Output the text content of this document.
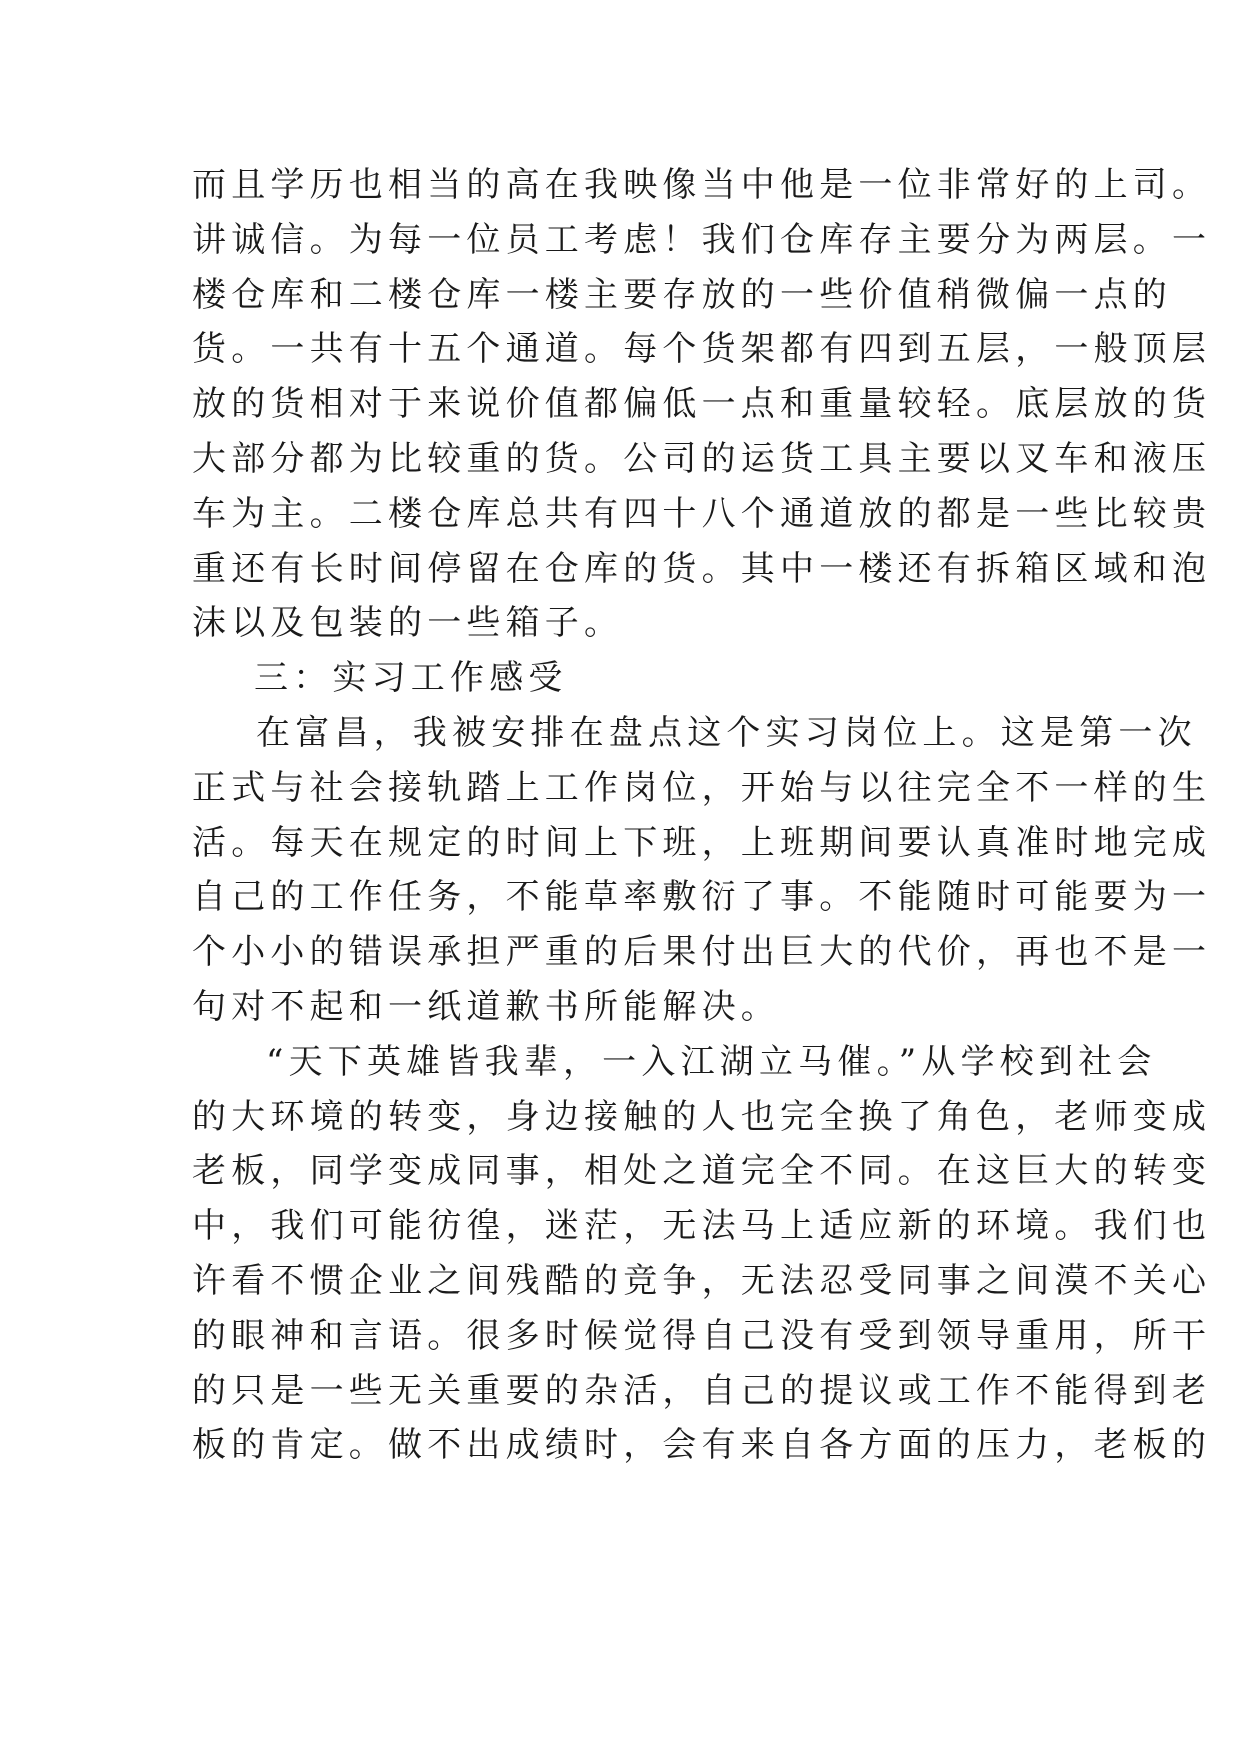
而且学历也相当的高在我映像当中他是一位非常好的上司。
讲诚信。为每一位员工考虑！我们仓库存主要分为两层。一
楼仓库和二楼仓库一楼主要存放的一些价值稍微偏一点的
货。一共有十五个通道。每个货架都有四到五层，一般顶层
放的货相对于来说价值都偏低一点和重量较轻。底层放的货
大部分都为比较重的货。公司的运货工具主要以叉车和液压
车为主。二楼仓库总共有四十八个通道放的都是一些比较贵
重还有长时间停留在仓库的货。其中一楼还有拆箱区域和泡
沫以及包装的一些箱子。
三：实习工作感受
在富昌，我被安排在盘点这个实习岗位上。这是第一次
正式与社会接轨踏上工作岗位，开始与以往完全不一样的生
活。每天在规定的时间上下班，上班期间要认真准时地完成
自己的工作任务，不能草率敷衍了事。不能随时可能要为一
个小小的错误承担严重的后果付出巨大的代价，再也不是一
句对不起和一纸道歉书所能解决。
“天下英雄皆我辈，一入江湖立马催。”从学校到社会
的大环境的转变，身边接触的人也完全换了角色，老师变成
老板，同学变成同事，相处之道完全不同。在这巨大的转变
中，我们可能彷徨，迷茫，无法马上适应新的环境。我们也
许看不惯企业之间残酷的竞争，无法忍受同事之间漠不关心
的眼神和言语。很多时候觉得自己没有受到领导重用，所干
的只是一些无关重要的杂活，自己的提议或工作不能得到老
板的肯定。做不出成绩时，会有来自各方面的压力，老板的
